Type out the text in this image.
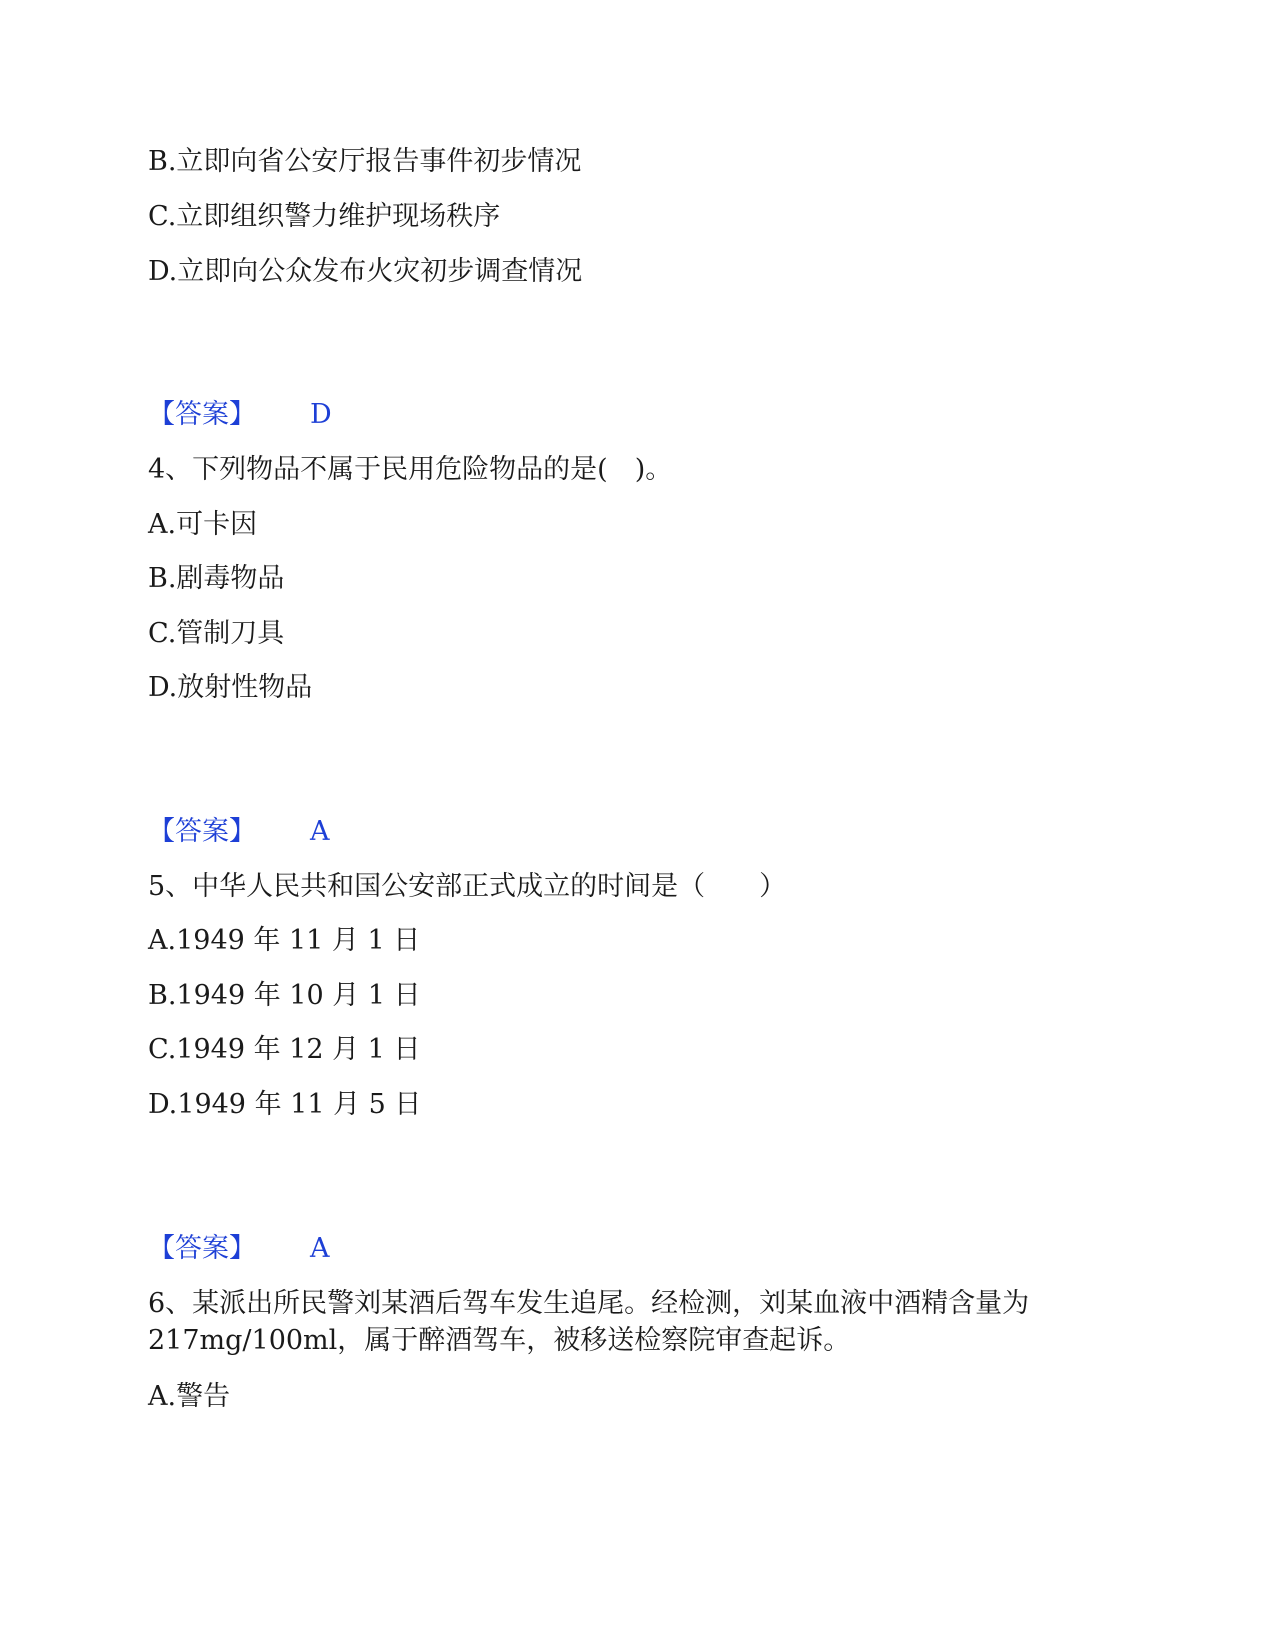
B.立即向省公安厅报告事件初步情况
C.立即组织警力维护现场秩序
D.立即向公众发布火灾初步调查情况
【答案】 D
4、下列物品不属于民用危险物品的是(　)。
A.可卡因
B.剧毒物品
C.管制刀具
D.放射性物品
【答案】 A
5、中华人民共和国公安部正式成立的时间是（　　）
A.1949 年 11 月 1 日
B.1949 年 10 月 1 日
C.1949 年 12 月 1 日
D.1949 年 11 月 5 日
【答案】 A
6、某派出所民警刘某酒后驾车发生追尾。经检测，刘某血液中酒精含量为
217mg/100ml，属于醉酒驾车，被移送检察院审查起诉。
A.警告
